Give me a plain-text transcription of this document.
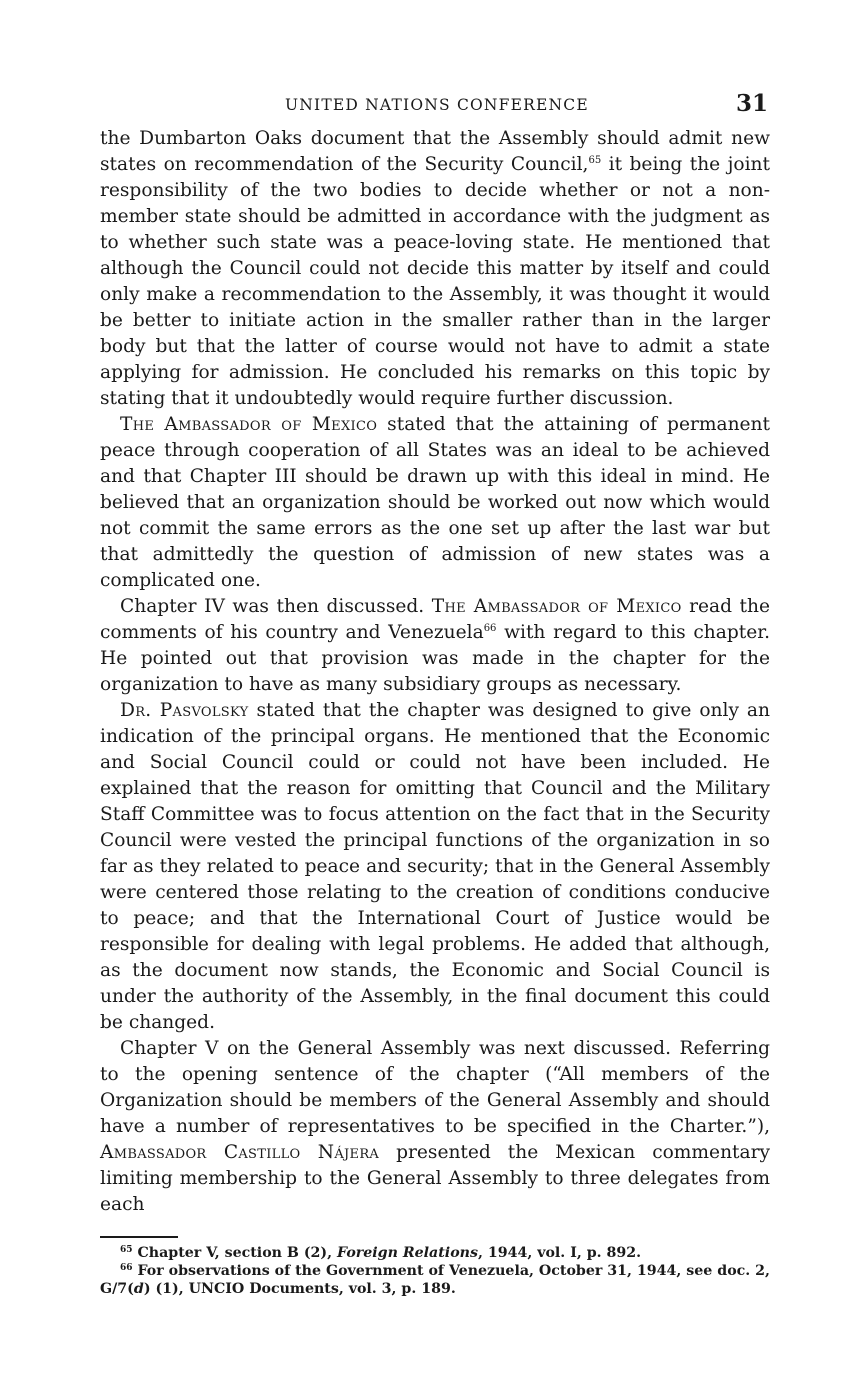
UNITED NATIONS CONFERENCE	31

the Dumbarton Oaks document that the Assembly should admit new states on recommendation of the Security Council,$^{65}$ it being the joint responsibility of the two bodies to decide whether or not a non-member state should be admitted in accordance with the judgment as to whether such state was a peace-loving state. He mentioned that although the Council could not decide this matter by itself and could only make a recommendation to the Assembly, it was thought it would be better to initiate action in the smaller rather than in the larger body but that the latter of course would not have to admit a state applying for admission. He concluded his remarks on this topic by stating that it undoubtedly would require further discussion.

The Ambassador of Mexico stated that the attaining of permanent peace through cooperation of all States was an ideal to be achieved and that Chapter III should be drawn up with this ideal in mind. He believed that an organization should be worked out now which would not commit the same errors as the one set up after the last war but that admittedly the question of admission of new states was a complicated one.

Chapter IV was then discussed. The Ambassador of Mexico read the comments of his country and Venezuela$^{66}$ with regard to this chapter. He pointed out that provision was made in the chapter for the organization to have as many subsidiary groups as necessary.

Dr. Pasvolsky stated that the chapter was designed to give only an indication of the principal organs. He mentioned that the Economic and Social Council could or could not have been included. He explained that the reason for omitting that Council and the Military Staff Committee was to focus attention on the fact that in the Security Council were vested the principal functions of the organization in so far as they related to peace and security; that in the General Assembly were centered those relating to the creation of conditions conducive to peace; and that the International Court of Justice would be responsible for dealing with legal problems. He added that although, as the document now stands, the Economic and Social Council is under the authority of the Assembly, in the final document this could be changed.

Chapter V on the General Assembly was next discussed. Referring to the opening sentence of the chapter (“All members of the Organization should be members of the General Assembly and should have a number of representatives to be specified in the Charter.”), Ambassador Castillo Nájera presented the Mexican commentary limiting membership to the General Assembly to three delegates from each

$^{65}$ Chapter V, section B (2), Foreign Relations, 1944, vol. I, p. 892.

$^{66}$ For observations of the Government of Venezuela, October 31, 1944, see doc. 2, G/7(d) (1), UNCIO Documents, vol. 3, p. 189.
